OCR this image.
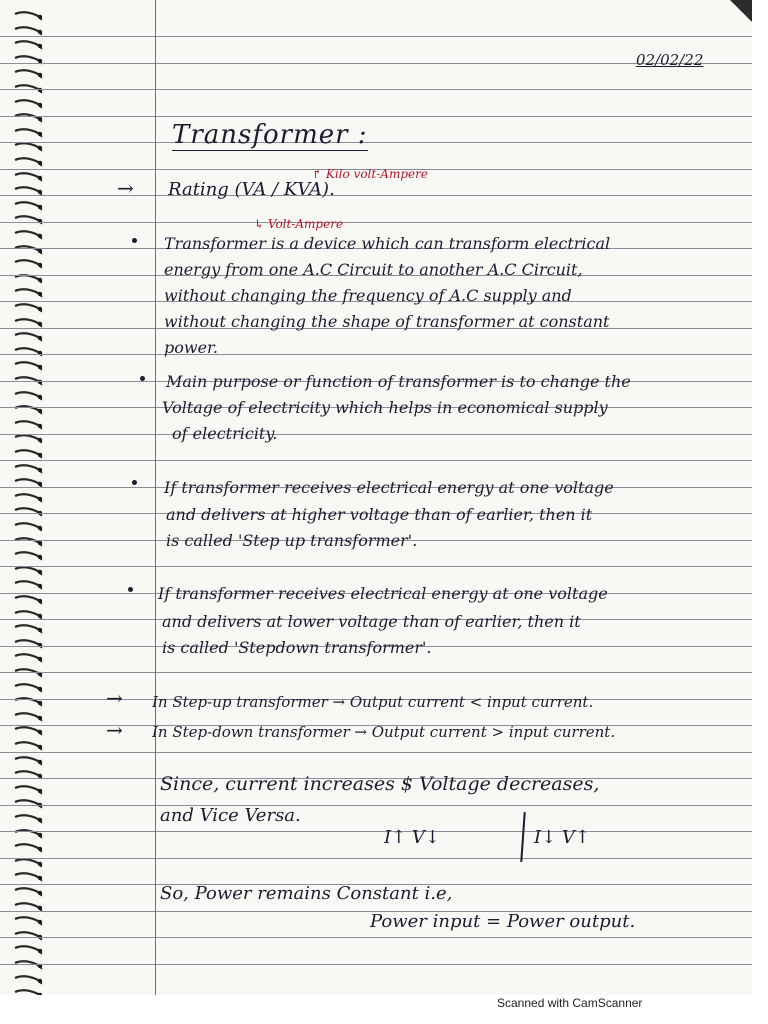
02/02/22
Transformer :
→ Rating (VA / KVA).
↱ Kilo volt-Ampere
↳ Volt-Ampere
Transformer is a device which can transform electrical
energy from one A.C Circuit to another A.C Circuit,
without changing the frequency of A.C supply and
without changing the shape of transformer at constant
power.
Main purpose or function of transformer is to change the
Voltage of electricity which helps in economical supply
of electricity.
If transformer receives electrical energy at one voltage
and delivers at higher voltage than of earlier, then it
is called 'Step up transformer'.
If transformer receives electrical energy at one voltage
and delivers at lower voltage than of earlier, then it
is called 'Stepdown transformer'.
→ In Step-up transformer → Output current < input current.
→ In Step-down transformer → Output current > input current.
Since, current increases $ Voltage decreases,
and Vice Versa.
I↑ V↓	I↓ V↑
So, Power remains Constant i.e,
Power input = Power output.
Scanned with CamScanner
